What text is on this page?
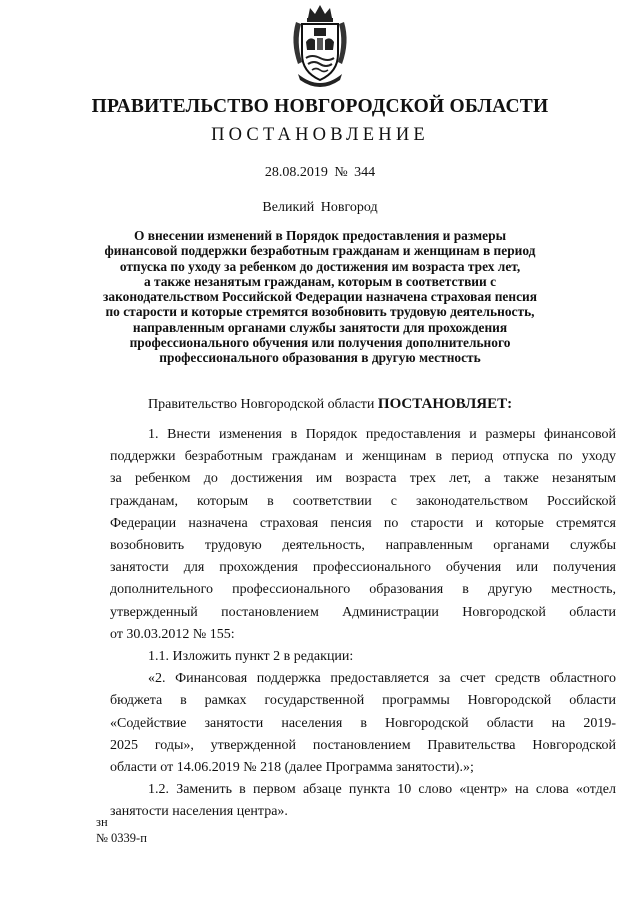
ПРАВИТЕЛЬСТВО НОВГОРОДСКОЙ ОБЛАСТИ
ПОСТАНОВЛЕНИЕ
28.08.2019 № 344
Великий Новгород
О внесении изменений в Порядок предоставления и размеры
финансовой поддержки безработным гражданам и женщинам в период
отпуска по уходу за ребенком до достижения им возраста трех лет,
а также незанятым гражданам, которым в соответствии с
законодательством Российской Федерации назначена страховая пенсия
по старости и которые стремятся возобновить трудовую деятельность,
направленным органами службы занятости для прохождения
профессионального обучения или получения дополнительного
профессионального образования в другую местность
Правительство Новгородской области ПОСТАНОВЛЯЕТ:
1. Внести изменения в Порядок предоставления и размеры финансовой
поддержки безработным гражданам и женщинам в период отпуска по уходу
за ребенком до достижения им возраста трех лет, а также незанятым
гражданам, которым в соответствии с законодательством Российской
Федерации назначена страховая пенсия по старости и которые стремятся
возобновить трудовую деятельность, направленным органами службы
занятости для прохождения профессионального обучения или получения
дополнительного профессионального образования в другую местность,
утвержденный постановлением Администрации Новгородской области
от 30.03.2012 № 155:
1.1. Изложить пункт 2 в редакции:
«2. Финансовая поддержка предоставляется за счет средств областного
бюджета в рамках государственной программы Новгородской области
«Содействие занятости населения в Новгородской области на 2019-
2025 годы», утвержденной постановлением Правительства Новгородской
области от 14.06.2019 № 218 (далее Программа занятости).»;
1.2. Заменить в первом абзаце пункта 10 слово «центр» на слова «отдел
занятости населения центра».
зн
№ 0339-п
